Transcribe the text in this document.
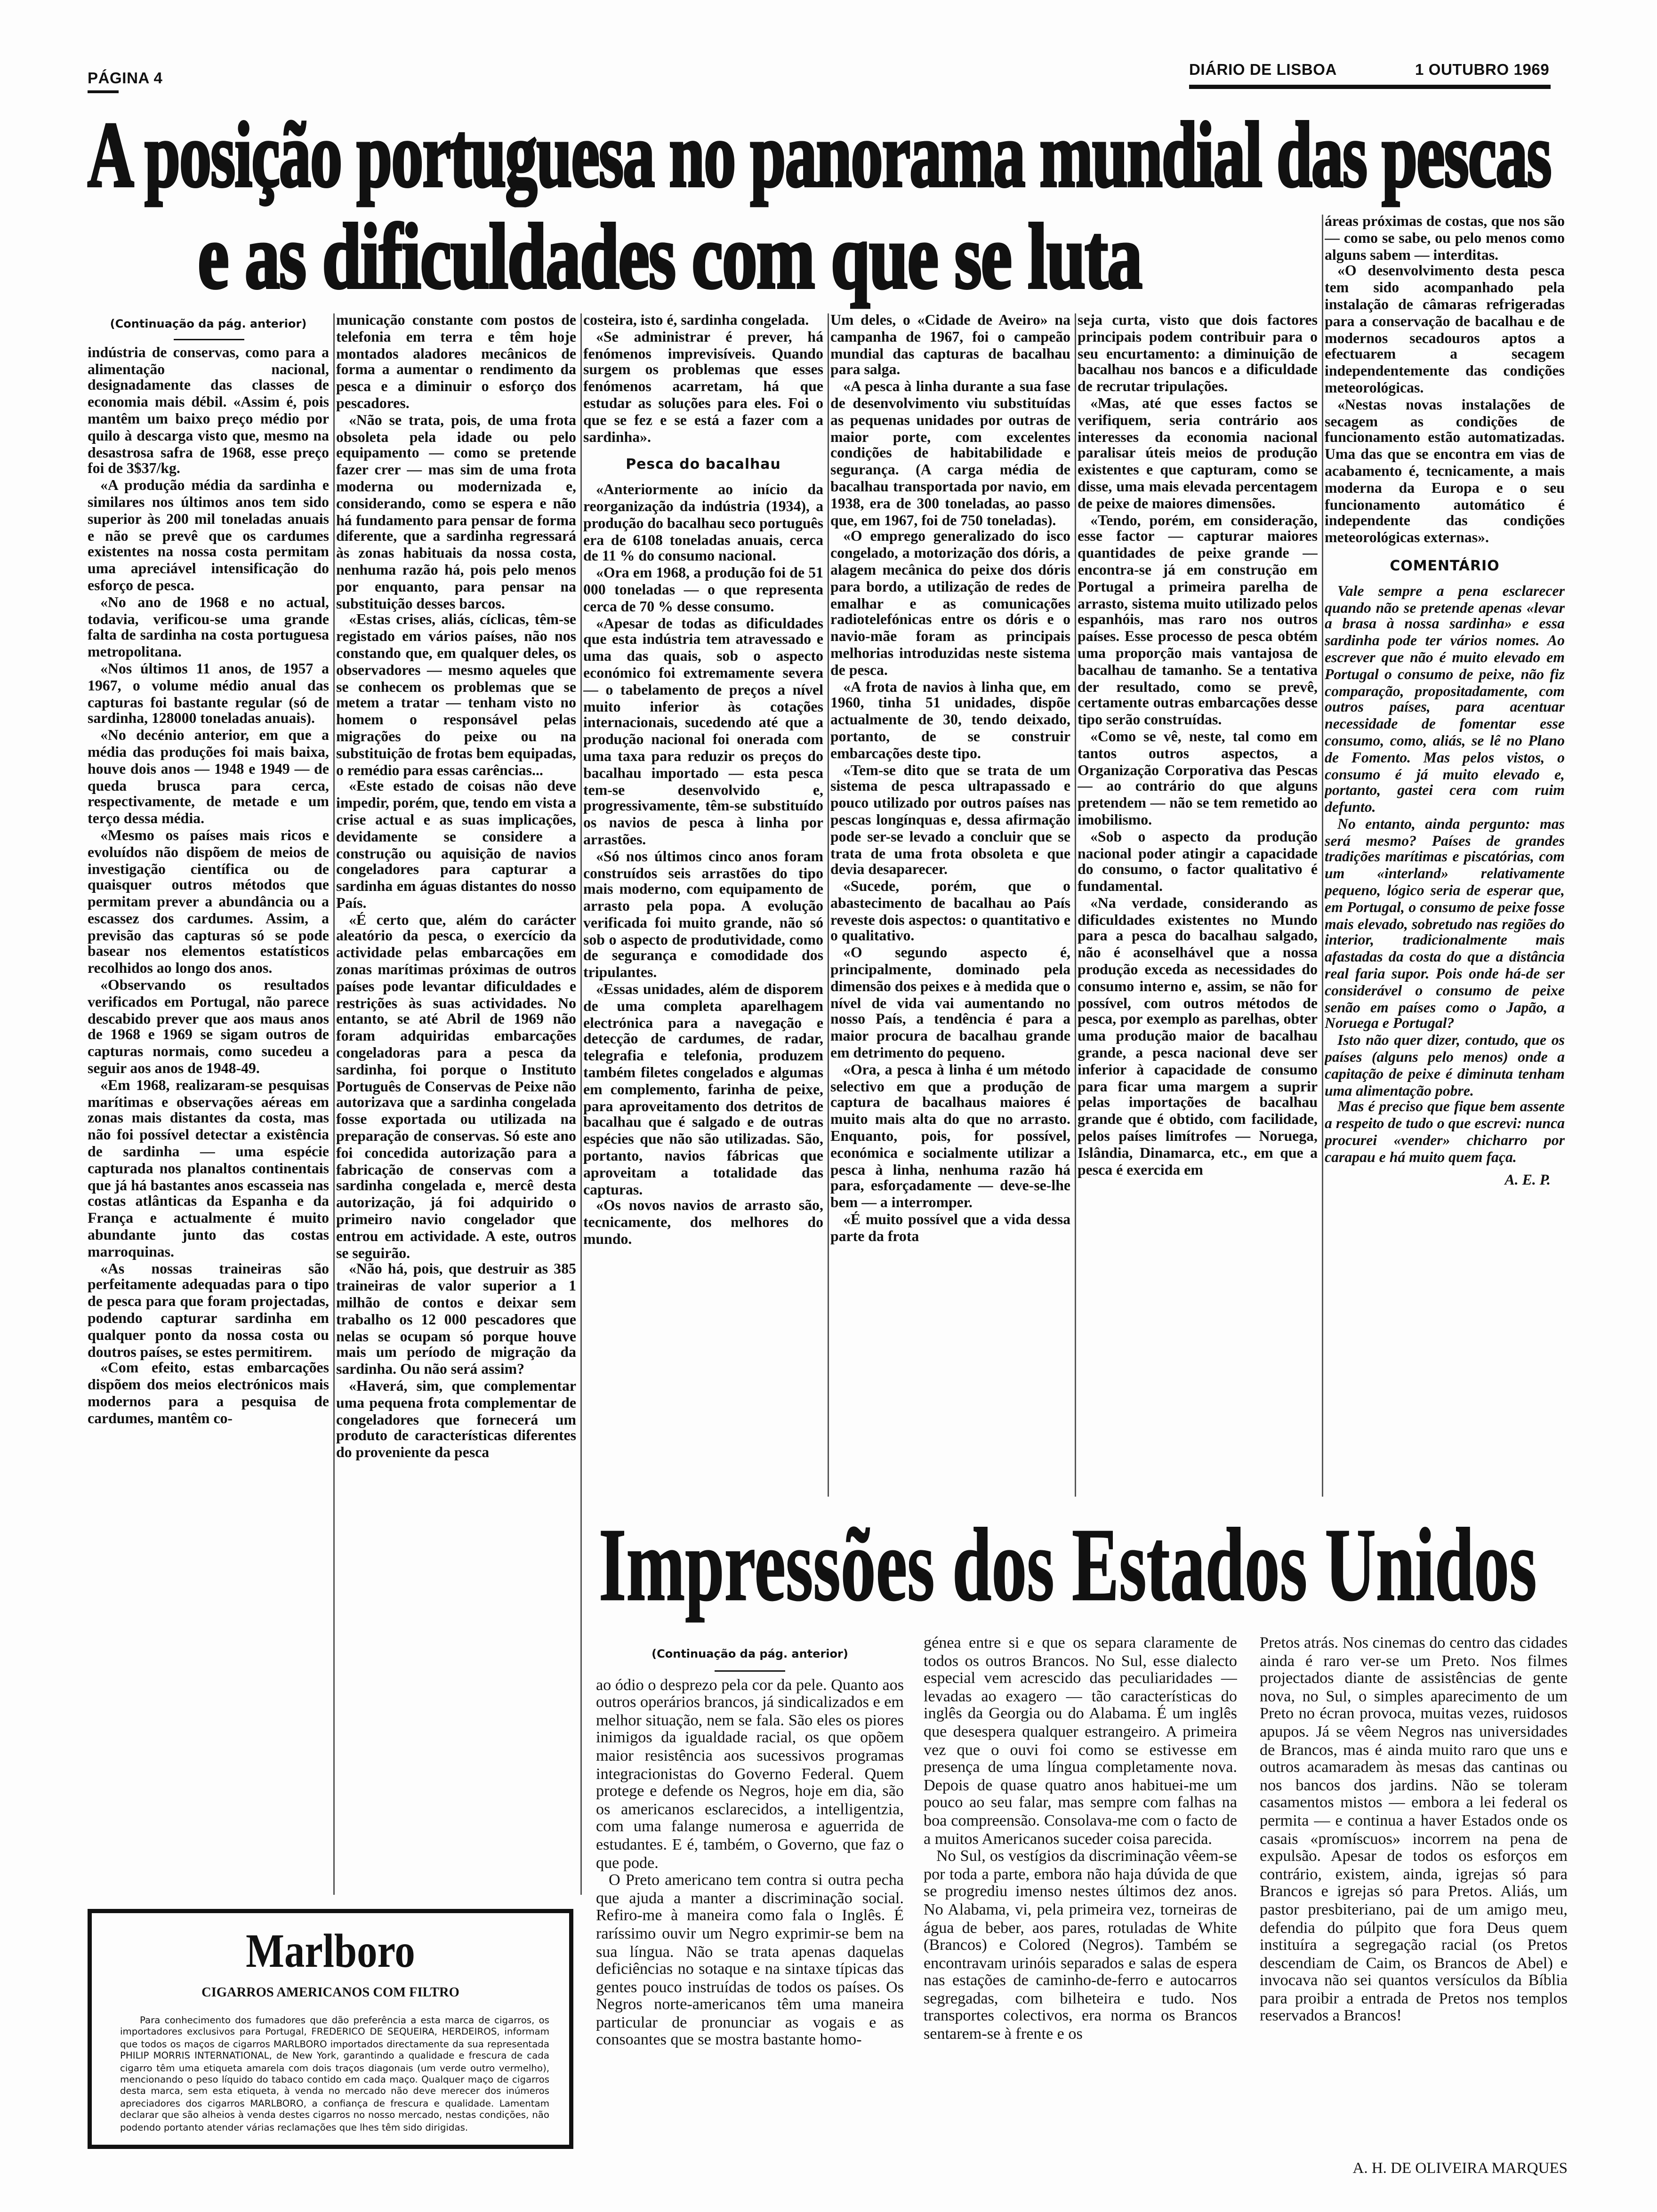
PÁGINA 4	DIÁRIO DE LISBOA	1 OUTUBRO 1969
A posição portuguesa no panorama mundial das pescas
e as dificuldades com que se luta
(Continuação da pág. anterior)

indústria de conservas, como para a alimentação nacional, designadamente das classes de economia mais débil. «Assim é, pois mantêm um baixo preço médio por quilo à descarga visto que, mesmo na desastrosa safra de 1968, esse preço foi de 3$37/kg.

«A produção média da sardinha e similares nos últimos anos tem sido superior às 200 mil toneladas anuais e não se prevê que os cardumes existentes na nossa costa permitam uma apreciável intensificação do esforço de pesca.

«No ano de 1968 e no actual, todavia, verificou-se uma grande falta de sardinha na costa portuguesa metropolitana.

«Nos últimos 11 anos, de 1957 a 1967, o volume médio anual das capturas foi bastante regular (só de sardinha, 128000 toneladas anuais).

«No decénio anterior, em que a média das produções foi mais baixa, houve dois anos — 1948 e 1949 — de queda brusca para cerca, respectivamente, de metade e um terço dessa média.

«Mesmo os países mais ricos e evoluídos não dispõem de meios de investigação científica ou de quaisquer outros métodos que permitam prever a abundância ou a escassez dos cardumes. Assim, a previsão das capturas só se pode basear nos elementos estatísticos recolhidos ao longo dos anos.

«Observando os resultados verificados em Portugal, não parece descabido prever que aos maus anos de 1968 e 1969 se sigam outros de capturas normais, como sucedeu a seguir aos anos de 1948-49.

«Em 1968, realizaram-se pesquisas marítimas e observações aéreas em zonas mais distantes da costa, mas não foi possível detectar a existência de sardinha — uma espécie capturada nos planaltos continentais que já há bastantes anos escasseia nas costas atlânticas da Espanha e da França e actualmente é muito abundante junto das costas marroquinas.

«As nossas traineiras são perfeitamente adequadas para o tipo de pesca para que foram projectadas, podendo capturar sardinha em qualquer ponto da nossa costa ou doutros países, se estes permitirem.

«Com efeito, estas embarcações dispõem dos meios electrónicos mais modernos para a pesquisa de cardumes, mantêm co-

municação constante com postos de telefonia em terra e têm hoje montados aladores mecânicos de forma a aumentar o rendimento da pesca e a diminuir o esforço dos pescadores.

«Não se trata, pois, de uma frota obsoleta pela idade ou pelo equipamento — como se pretende fazer crer — mas sim de uma frota moderna ou modernizada e, considerando, como se espera e não há fundamento para pensar de forma diferente, que a sardinha regressará às zonas habituais da nossa costa, nenhuma razão há, pois pelo menos por enquanto, para pensar na substituição desses barcos.

«Estas crises, aliás, cíclicas, têm-se registado em vários países, não nos constando que, em qualquer deles, os observadores — mesmo aqueles que se conhecem os problemas que se metem a tratar — tenham visto no homem o responsável pelas migrações do peixe ou na substituição de frotas bem equipadas, o remédio para essas carências...

«Este estado de coisas não deve impedir, porém, que, tendo em vista a crise actual e as suas implicações, devidamente se considere a construção ou aquisição de navios congeladores para capturar a sardinha em águas distantes do nosso País.

«É certo que, além do carácter aleatório da pesca, o exercício da actividade pelas embarcações em zonas marítimas próximas de outros países pode levantar dificuldades e restrições às suas actividades. No entanto, se até Abril de 1969 não foram adquiridas embarcações congeladoras para a pesca da sardinha, foi porque o Instituto Português de Conservas de Peixe não autorizava que a sardinha congelada fosse exportada ou utilizada na preparação de conservas. Só este ano foi concedida autorização para a fabricação de conservas com a sardinha congelada e, mercê desta autorização, já foi adquirido o primeiro navio congelador que entrou em actividade. A este, outros se seguirão.

«Não há, pois, que destruir as 385 traineiras de valor superior a 1 milhão de contos e deixar sem trabalho os 12 000 pescadores que nelas se ocupam só porque houve mais um período de migração da sardinha. Ou não será assim?

«Haverá, sim, que complementar uma pequena frota complementar de congeladores que fornecerá um produto de características diferentes do proveniente da pesca

costeira, isto é, sardinha congelada.

«Se administrar é prever, há fenómenos imprevisíveis. Quando surgem os problemas que esses fenómenos acarretam, há que estudar as soluções para eles. Foi o que se fez e se está a fazer com a sardinha».

Pesca do bacalhau

«Anteriormente ao início da reorganização da indústria (1934), a produção do bacalhau seco português era de 6108 toneladas anuais, cerca de 11 % do consumo nacional.

«Ora em 1968, a produção foi de 51 000 toneladas — o que representa cerca de 70 % desse consumo.

«Apesar de todas as dificuldades que esta indústria tem atravessado e uma das quais, sob o aspecto económico foi extremamente severa — o tabelamento de preços a nível muito inferior às cotações internacionais, sucedendo até que a produção nacional foi onerada com uma taxa para reduzir os preços do bacalhau importado — esta pesca tem-se desenvolvido e, progressivamente, têm-se substituído os navios de pesca à linha por arrastões.

«Só nos últimos cinco anos foram construídos seis arrastões do tipo mais moderno, com equipamento de arrasto pela popa. A evolução verificada foi muito grande, não só sob o aspecto de produtividade, como de segurança e comodidade dos tripulantes.

«Essas unidades, além de disporem de uma completa aparelhagem electrónica para a navegação e detecção de cardumes, de radar, telegrafia e telefonia, produzem também filetes congelados e algumas em complemento, farinha de peixe, para aproveitamento dos detritos de bacalhau que é salgado e de outras espécies que não são utilizadas. São, portanto, navios fábricas que aproveitam a totalidade das capturas.

«Os novos navios de arrasto são, tecnicamente, dos melhores do mundo.

Um deles, o «Cidade de Aveiro» na campanha de 1967, foi o campeão mundial das capturas de bacalhau para salga.

«A pesca à linha durante a sua fase de desenvolvimento viu substituídas as pequenas unidades por outras de maior porte, com excelentes condições de habitabilidade e segurança. (A carga média de bacalhau transportada por navio, em 1938, era de 300 toneladas, ao passo que, em 1967, foi de 750 toneladas).

«O emprego generalizado do isco congelado, a motorização dos dóris, a alagem mecânica do peixe dos dóris para bordo, a utilização de redes de emalhar e as comunicações radiotelefónicas entre os dóris e o navio-mãe foram as principais melhorias introduzidas neste sistema de pesca.

«A frota de navios à linha que, em 1960, tinha 51 unidades, dispõe actualmente de 30, tendo deixado, portanto, de se construir embarcações deste tipo.

«Tem-se dito que se trata de um sistema de pesca ultrapassado e pouco utilizado por outros países nas pescas longínquas e, dessa afirmação pode ser-se levado a concluir que se trata de uma frota obsoleta e que devia desaparecer.

«Sucede, porém, que o abastecimento de bacalhau ao País reveste dois aspectos: o quantitativo e o qualitativo.

«O segundo aspecto é, principalmente, dominado pela dimensão dos peixes e à medida que o nível de vida vai aumentando no nosso País, a tendência é para a maior procura de bacalhau grande em detrimento do pequeno.

«Ora, a pesca à linha é um método selectivo em que a produção de captura de bacalhaus maiores é muito mais alta do que no arrasto. Enquanto, pois, for possível, económica e socialmente utilizar a pesca à linha, nenhuma razão há para, esforçadamente — deve-se-lhe bem — a interromper.

«É muito possível que a vida dessa parte da frota

seja curta, visto que dois factores principais podem contribuir para o seu encurtamento: a diminuição de bacalhau nos bancos e a dificuldade de recrutar tripulações.

«Mas, até que esses factos se verifiquem, seria contrário aos interesses da economia nacional paralisar úteis meios de produção existentes e que capturam, como se disse, uma mais elevada percentagem de peixe de maiores dimensões.

«Tendo, porém, em consideração, esse factor — capturar maiores quantidades de peixe grande — encontra-se já em construção em Portugal a primeira parelha de arrasto, sistema muito utilizado pelos espanhóis, mas raro nos outros países. Esse processo de pesca obtém uma proporção mais vantajosa de bacalhau de tamanho. Se a tentativa der resultado, como se prevê, certamente outras embarcações desse tipo serão construídas.

«Como se vê, neste, tal como em tantos outros aspectos, a Organização Corporativa das Pescas — ao contrário do que alguns pretendem — não se tem remetido ao imobilismo.

«Sob o aspecto da produção nacional poder atingir a capacidade do consumo, o factor qualitativo é fundamental.

«Na verdade, considerando as dificuldades existentes no Mundo para a pesca do bacalhau salgado, não é aconselhável que a nossa produção exceda as necessidades do consumo interno e, assim, se não for possível, com outros métodos de pesca, por exemplo as parelhas, obter uma produção maior de bacalhau grande, a pesca nacional deve ser inferior à capacidade de consumo para ficar uma margem a suprir pelas importações de bacalhau grande que é obtido, com facilidade, pelos países limítrofes — Noruega, Islândia, Dinamarca, etc., em que a pesca é exercida em

áreas próximas de costas, que nos são — como se sabe, ou pelo menos como alguns sabem — interditas.

«O desenvolvimento desta pesca tem sido acompanhado pela instalação de câmaras refrigeradas para a conservação de bacalhau e de modernos secadouros aptos a efectuarem a secagem independentemente das condições meteorológicas.

«Nestas novas instalações de secagem as condições de funcionamento estão automatizadas. Uma das que se encontra em vias de acabamento é, tecnicamente, a mais moderna da Europa e o seu funcionamento automático é independente das condições meteorológicas externas».

COMENTÁRIO

Vale sempre a pena esclarecer quando não se pretende apenas «levar a brasa à nossa sardinha» e essa sardinha pode ter vários nomes. Ao escrever que não é muito elevado em Portugal o consumo de peixe, não fiz comparação, propositadamente, com outros países, para acentuar necessidade de fomentar esse consumo, como, aliás, se lê no Plano de Fomento. Mas pelos vistos, o consumo é já muito elevado e, portanto, gastei cera com ruim defunto.

No entanto, ainda pergunto: mas será mesmo? Países de grandes tradições marítimas e piscatórias, com um «interland» relativamente pequeno, lógico seria de esperar que, em Portugal, o consumo de peixe fosse mais elevado, sobretudo nas regiões do interior, tradicionalmente mais afastadas da costa do que a distância real faria supor. Pois onde há-de ser considerável o consumo de peixe senão em países como o Japão, a Noruega e Portugal?

Isto não quer dizer, contudo, que os países (alguns pelo menos) onde a capitação de peixe é diminuta tenham uma alimentação pobre.

Mas é preciso que fique bem assente a respeito de tudo o que escrevi: nunca procurei «vender» chicharro por carapau e há muito quem faça.

A. E. P.
Impressões dos Estados Unidos
(Continuação da pág. anterior)

ao ódio o desprezo pela cor da pele. Quanto aos outros operários brancos, já sindicalizados e em melhor situação, nem se fala. São eles os piores inimigos da igualdade racial, os que opõem maior resistência aos sucessivos programas integracionistas do Governo Federal. Quem protege e defende os Negros, hoje em dia, são os americanos esclarecidos, a intelligentzia, com uma falange numerosa e aguerrida de estudantes. E é, também, o Governo, que faz o que pode.

O Preto americano tem contra si outra pecha que ajuda a manter a discriminação social. Refiro-me à maneira como fala o Inglês. É raríssimo ouvir um Negro exprimir-se bem na sua língua. Não se trata apenas daquelas deficiências no sotaque e na sintaxe típicas das gentes pouco instruídas de todos os países. Os Negros norte-americanos têm uma maneira particular de pronunciar as vogais e as consoantes que se mostra bastante homo-

génea entre si e que os separa claramente de todos os outros Brancos. No Sul, esse dialecto especial vem acrescido das peculiaridades — levadas ao exagero — tão características do inglês da Georgia ou do Alabama. É um inglês que desespera qualquer estrangeiro. A primeira vez que o ouvi foi como se estivesse em presença de uma língua completamente nova. Depois de quase quatro anos habituei-me um pouco ao seu falar, mas sempre com falhas na boa compreensão. Consolava-me com o facto de a muitos Americanos suceder coisa parecida.

No Sul, os vestígios da discriminação vêem-se por toda a parte, embora não haja dúvida de que se progrediu imenso nestes últimos dez anos. No Alabama, vi, pela primeira vez, torneiras de água de beber, aos pares, rotuladas de White (Brancos) e Colored (Negros). Também se encontravam urinóis separados e salas de espera nas estações de caminho-de-ferro e autocarros segregadas, com bilheteira e tudo. Nos transportes colectivos, era norma os Brancos sentarem-se à frente e os

Pretos atrás. Nos cinemas do centro das cidades ainda é raro ver-se um Preto. Nos filmes projectados diante de assistências de gente nova, no Sul, o simples aparecimento de um Preto no écran provoca, muitas vezes, ruidosos apupos. Já se vêem Negros nas universidades de Brancos, mas é ainda muito raro que uns e outros acamaradem às mesas das cantinas ou nos bancos dos jardins. Não se toleram casamentos mistos — embora a lei federal os permita — e continua a haver Estados onde os casais «promíscuos» incorrem na pena de expulsão. Apesar de todos os esforços em contrário, existem, ainda, igrejas só para Brancos e igrejas só para Pretos. Aliás, um pastor presbiteriano, pai de um amigo meu, defendia do púlpito que fora Deus quem instituíra a segregação racial (os Pretos descendiam de Caim, os Brancos de Abel) e invocava não sei quantos versículos da Bíblia para proibir a entrada de Pretos nos templos reservados a Brancos!

A. H. DE OLIVEIRA MARQUES
Marlboro
CIGARROS AMERICANOS COM FILTRO
Para conhecimento dos fumadores que dão preferência a esta marca de cigarros, os importadores exclusivos para Portugal, FREDERICO DE SEQUEIRA, HERDEIROS, informam que todos os maços de cigarros MARLBORO importados directamente da sua representada PHILIP MORRIS INTERNATIONAL, de New York, garantindo a qualidade e frescura de cada cigarro têm uma etiqueta amarela com dois traços diagonais (um verde outro vermelho), mencionando o peso líquido do tabaco contido em cada maço. Qualquer maço de cigarros desta marca, sem esta etiqueta, à venda no mercado não deve merecer dos inúmeros apreciadores dos cigarros MARLBORO, a confiança de frescura e qualidade. Lamentam declarar que são alheios à venda destes cigarros no nosso mercado, nestas condições, não podendo portanto atender várias reclamações que lhes têm sido dirigidas.
